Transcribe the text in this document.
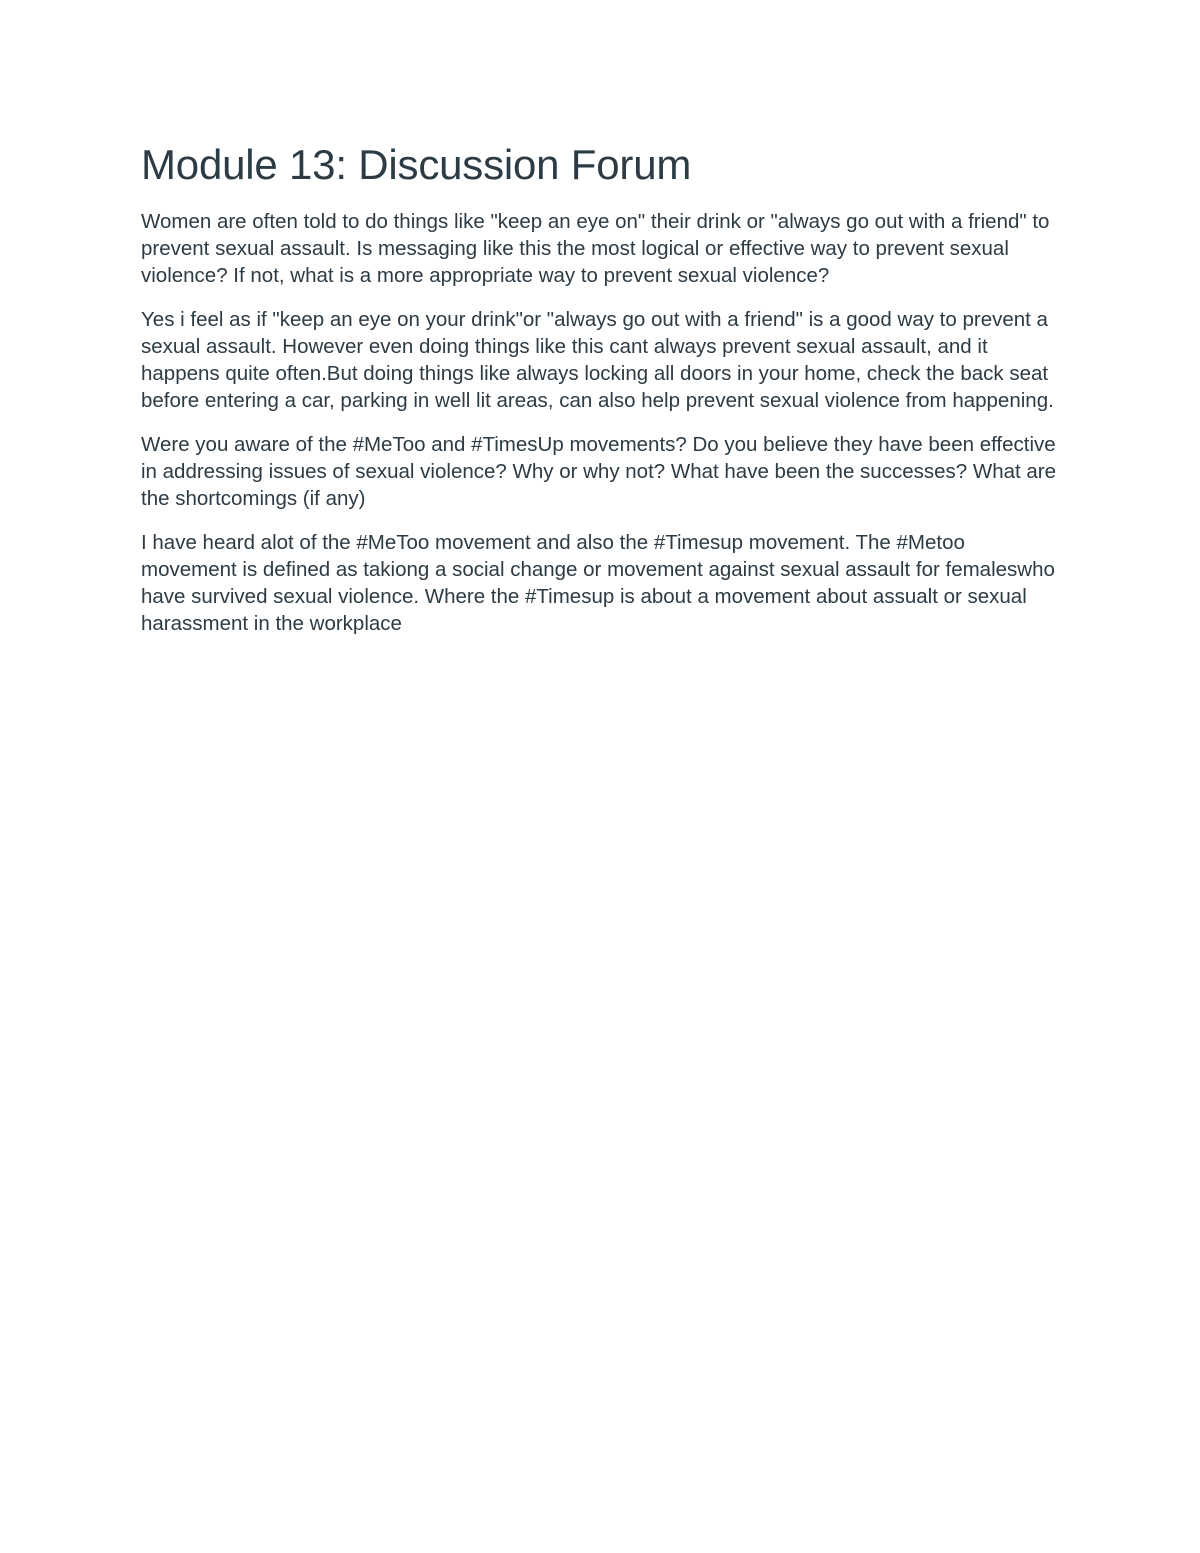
Module 13: Discussion Forum

Women are often told to do things like "keep an eye on" their drink or "always go out with a friend" to prevent sexual assault. Is messaging like this the most logical or effective way to prevent sexual violence? If not, what is a more appropriate way to prevent sexual violence?

Yes i feel as if "keep an eye on your drink"or "always go out with a friend" is a good way to prevent a sexual assault. However even doing things like this cant always prevent sexual assault, and it happens quite often.But doing things like always locking all doors in your home, check the back seat before entering a car, parking in well lit areas, can also help prevent sexual violence from happening.

Were you aware of the #MeToo and #TimesUp movements? Do you believe they have been effective in addressing issues of sexual violence? Why or why not? What have been the successes? What are the shortcomings (if any)

I have heard alot of the #MeToo movement and also the #Timesup movement. The #Metoo movement is defined as takiong a social change or movement against sexual assault for femaleswho have survived sexual violence. Where the #Timesup is about a movement about assualt or sexual harassment in the workplace
